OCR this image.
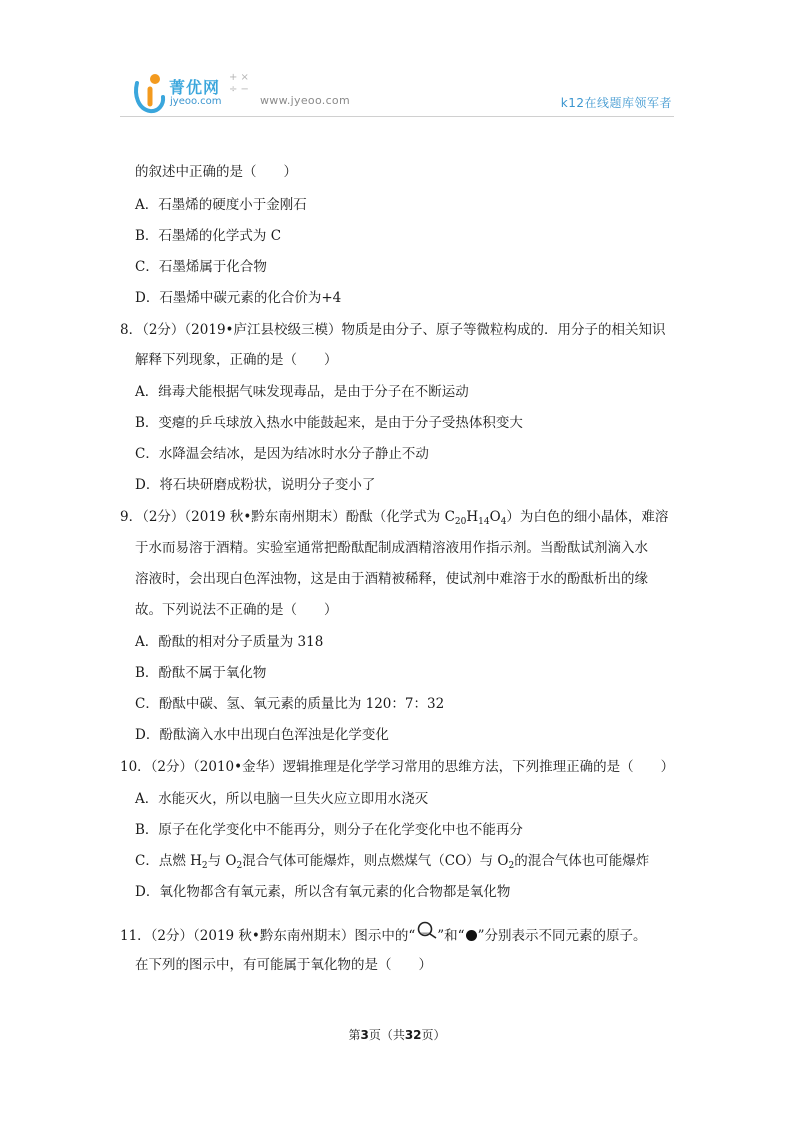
菁优网
jyeoo.com
+ ×
÷ −
www.jyeoo.com	k12在线题库领军者
的叙述中正确的是（　　）
A．石墨烯的硬度小于金刚石
B．石墨烯的化学式为 C
C．石墨烯属于化合物
D．石墨烯中碳元素的化合价为+4
8．（2分）（2019•庐江县校级三模）物质是由分子、原子等微粒构成的．用分子的相关知识
解释下列现象，正确的是（　　）
A．缉毒犬能根据气味发现毒品，是由于分子在不断运动
B．变瘪的乒乓球放入热水中能鼓起来，是由于分子受热体积变大
C．水降温会结冰，是因为结冰时水分子静止不动
D．将石块研磨成粉状，说明分子变小了
9．（2分）（2019 秋•黔东南州期末）酚酞（化学式为 $C_{20}H_{14}O_4$）为白色的细小晶体，难溶
于水而易溶于酒精。实验室通常把酚酞配制成酒精溶液用作指示剂。当酚酞试剂滴入水
溶液时，会出现白色浑浊物，这是由于酒精被稀释，使试剂中难溶于水的酚酞析出的缘
故。下列说法不正确的是（　　）
A．酚酞的相对分子质量为 318
B．酚酞不属于氧化物
C．酚酞中碳、氢、氧元素的质量比为 120：7：32
D．酚酞滴入水中出现白色浑浊是化学变化
10．（2分）（2010•金华）逻辑推理是化学学习常用的思维方法，下列推理正确的是（　　）
A．水能灭火，所以电脑一旦失火应立即用水浇灭
B．原子在化学变化中不能再分，则分子在化学变化中也不能再分
C．点燃 $H_2$与 $O_2$混合气体可能爆炸，则点燃煤气（CO）与 $O_2$的混合气体也可能爆炸
D．氧化物都含有氧元素，所以含有氧元素的化合物都是氧化物
11．（2分）（2019 秋•黔东南州期末）图示中的“ ”和“ ”分别表示不同元素的原子。
在下列的图示中，有可能属于氧化物的是（　　）
第3页（共32页）
